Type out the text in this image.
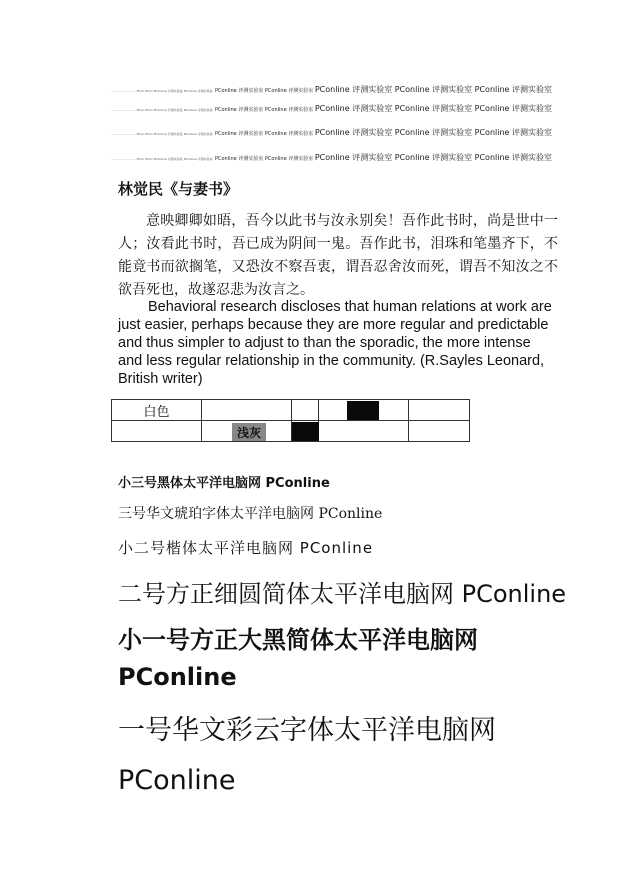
…………………… PCon PCon PConline 评测实验室 PConline 评测实验室 PConline 评测实验室 PConline 评测实验室 PConline 评测实验室 PConline 评测实验室 PConline 评测实验室
…………………… PCon PCon PConline 评测实验室 PConline 评测实验室 PConline 评测实验室 PConline 评测实验室 PConline 评测实验室 PConline 评测实验室 PConline 评测实验室
…………………… PCon PCon PConline 评测实验室 PConline 评测实验室 PConline 评测实验室 PConline 评测实验室 PConline 评测实验室 PConline 评测实验室 PConline 评测实验室
…………………… PCon PCon PConline 评测实验室 PConline 评测实验室 PConline 评测实验室 PConline 评测实验室 PConline 评测实验室 PConline 评测实验室 PConline 评测实验室
林觉民《与妻书》

意映卿卿如晤，吾今以此书与汝永别矣！吾作此书时，尚是世中一人；汝看此书时，吾已成为阴间一鬼。吾作此书，泪珠和笔墨齐下，不能竟书而欲搁笔，又恐汝不察吾衷，谓吾忍舍汝而死，谓吾不知汝之不欲吾死也，故遂忍悲为汝言之。

Behavioral research discloses that human relations at work are just easier, perhaps because they are more regular and predictable and thus simpler to adjust to than the sporadic, the more intense and less regular relationship in the community. (R.Sayles Leonard, British writer)

白色				

	浅灰			

小三号黑体太平洋电脑网 PConline
三号华文琥珀字体太平洋电脑网 PConline
小二号楷体太平洋电脑网 PConline
二号方正细圆简体太平洋电脑网 PConline
小一号方正大黑简体太平洋电脑网 PConline
一号华文彩云字体太平洋电脑网 PConline
